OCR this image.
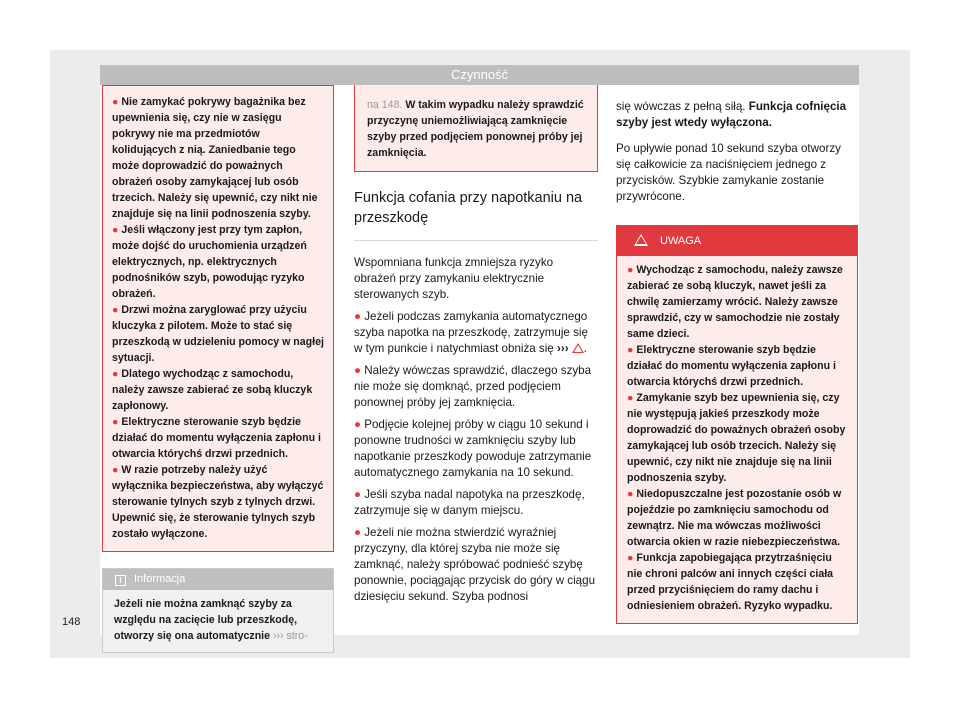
Czynność
● Nie zamykać pokrywy bagażnika bez upewnienia się, czy nie w zasięgu pokrywy nie ma przedmiotów kolidujących z nią. Zaniedbanie tego może doprowadzić do poważnych obrażeń osoby zamykającej lub osób trzecich. Należy się upewnić, czy nikt nie znajduje się na linii podnoszenia szyby.
● Jeśli włączony jest przy tym zapłon, może dojść do uruchomienia urządzeń elektrycznych, np. elektrycznych podnośników szyb, powodując ryzyko obrażeń.
● Drzwi można zaryglować przy użyciu kluczyka z pilotem. Może to stać się przeszkodą w udzieleniu pomocy w nagłej sytuacji.
● Dlatego wychodząc z samochodu, należy zawsze zabierać ze sobą kluczyk zapłonowy.
● Elektryczne sterowanie szyb będzie działać do momentu wyłączenia zapłonu i otwarcia którychś drzwi przednich.
● W razie potrzeby należy użyć wyłącznika bezpieczeństwa, aby wyłączyć sterowanie tylnych szyb z tylnych drzwi. Upewnić się, że sterowanie tylnych szyb zostało wyłączone.
i Informacja
Jeżeli nie można zamknąć szyby za względu na zacięcie lub przeszkodę, otworzy się ona automatycznie ››› stro-
na 148. W takim wypadku należy sprawdzić przyczynę uniemożliwiającą zamknięcie szyby przed podjęciem ponownej próby jej zamknięcia.
Funkcja cofania przy napotkaniu na przeszkodę
Wspomniana funkcja zmniejsza ryzyko obrażeń przy zamykaniu elektrycznie sterowanych szyb.
● Jeżeli podczas zamykania automatycznego szyba napotka na przeszkodę, zatrzymuje się w tym punkcie i natychmiast obniża się ››› .
● Należy wówczas sprawdzić, dlaczego szyba nie może się domknąć, przed podjęciem ponownej próby jej zamknięcia.
● Podjęcie kolejnej próby w ciągu 10 sekund i ponowne trudności w zamknięciu szyby lub napotkanie przeszkody powoduje zatrzymanie automatycznego zamykania na 10 sekund.
● Jeśli szyba nadal napotyka na przeszkodę, zatrzymuje się w danym miejscu.
● Jeżeli nie można stwierdzić wyraźniej przyczyny, dla której szyba nie może się zamknąć, należy spróbować podnieść szybę ponownie, pociągając przycisk do góry w ciągu dziesięciu sekund. Szyba podnosi
się wówczas z pełną siłą. Funkcja cofnięcia szyby jest wtedy wyłączona.
Po upływie ponad 10 sekund szyba otworzy się całkowicie za naciśnięciem jednego z przycisków. Szybkie zamykanie zostanie przywrócone.
UWAGA
● Wychodząc z samochodu, należy zawsze zabierać ze sobą kluczyk, nawet jeśli za chwilę zamierzamy wrócić. Należy zawsze sprawdzić, czy w samochodzie nie zostały same dzieci.
● Elektryczne sterowanie szyb będzie działać do momentu wyłączenia zapłonu i otwarcia którychś drzwi przednich.
● Zamykanie szyb bez upewnienia się, czy nie występują jakieś przeszkody może doprowadzić do poważnych obrażeń osoby zamykającej lub osób trzecich. Należy się upewnić, czy nikt nie znajduje się na linii podnoszenia szyby.
● Niedopuszczalne jest pozostanie osób w pojeździe po zamknięciu samochodu od zewnątrz. Nie ma wówczas możliwości otwarcia okien w razie niebezpieczeństwa.
● Funkcja zapobiegająca przytrzaśnięciu nie chroni palców ani innych części ciała przed przyciśnięciem do ramy dachu i odniesieniem obrażeń. Ryzyko wypadku.
148
